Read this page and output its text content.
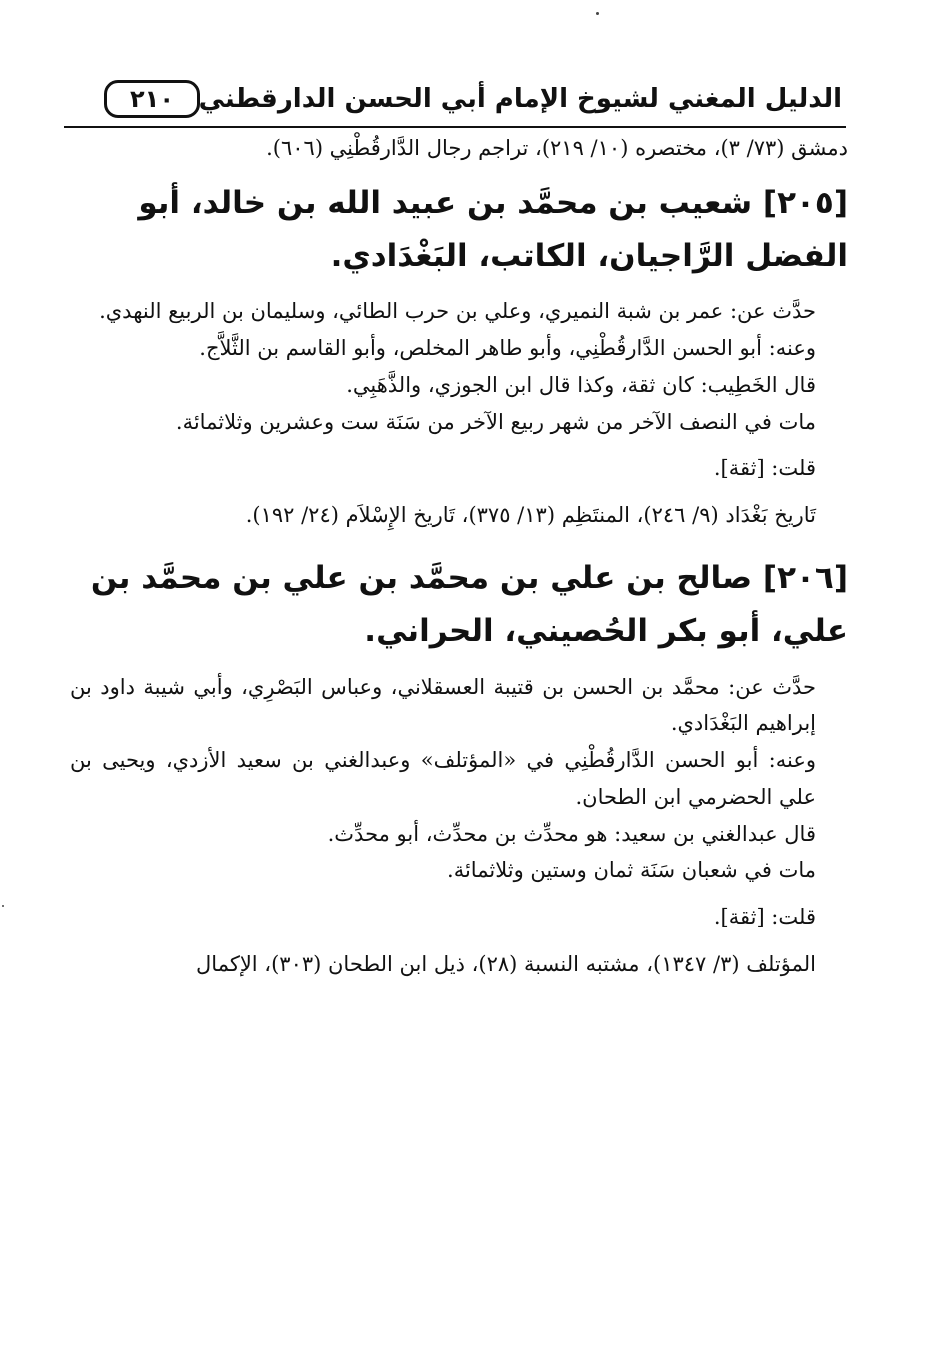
الدليل المغني لشيوخ الإمام أبي الحسن الدارقطني
٢١٠

دمشق (٧٣/ ٣)، مختصره (١٠/ ٢١٩)، تراجم رجال الدَّارقُطْنِي (٦٠٦).

[٢٠٥] شعيب بن محمَّد بن عبيد الله بن خالد، أبو الفضل الرَّاجيان، الكاتب، البَغْدَادي.

حدَّث عن: عمر بن شبة النميري، وعلي بن حرب الطائي، وسليمان بن الربيع النهدي.

وعنه: أبو الحسن الدَّارقُطْنِي، وأبو طاهر المخلص، وأبو القاسم بن الثَّلاَّج.

قال الخَطِيب: كان ثقة، وكذا قال ابن الجوزي، والذَّهَبِي.

مات في النصف الآخر من شهر ربيع الآخر من سَنَة ست وعشرين وثلاثمائة.

قلت: [ثقة].

تَاريخ بَغْدَاد (٩/ ٢٤٦)، المنتَظِم (١٣/ ٣٧٥)، تَاريخ الإِسْلاَم (٢٤/ ١٩٢).

[٢٠٦] صالح بن علي بن محمَّد بن علي بن محمَّد بن علي، أبو بكر الحُصيني، الحراني.

حدَّث عن: محمَّد بن الحسن بن قتيبة العسقلاني، وعباس البَصْرِي، وأبي شيبة داود بن إبراهيم البَغْدَادي.

وعنه: أبو الحسن الدَّارقُطْنِي في «المؤتلف» وعبدالغني بن سعيد الأزدي، ويحيى بن علي الحضرمي ابن الطحان.

قال عبدالغني بن سعيد: هو محدِّث بن محدِّث، أبو محدِّث.

مات في شعبان سَنَة ثمان وستين وثلاثمائة.

قلت: [ثقة].

المؤتلف (٣/ ١٣٤٧)، مشتبه النسبة (٢٨)، ذيل ابن الطحان (٣٠٣)، الإكمال
